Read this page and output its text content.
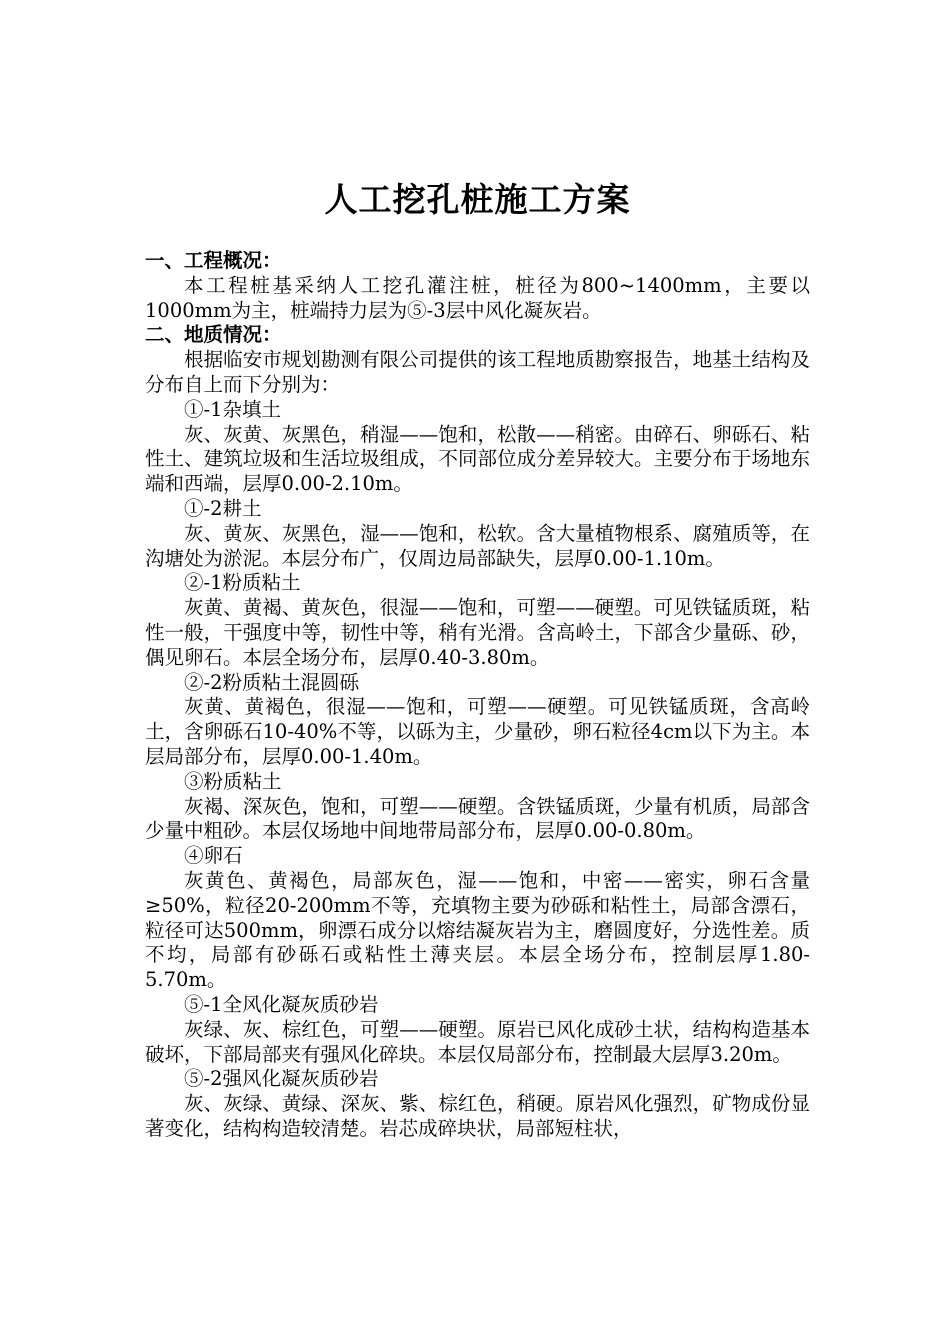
人工挖孔桩施工方案

一、工程概况：

本工程桩基采纳人工挖孔灌注桩，桩径为800~1400mm，主要以1000mm为主，桩端持力层为⑤-3层中风化凝灰岩。

二、地质情况：

根据临安市规划勘测有限公司提供的该工程地质勘察报告，地基土结构及分布自上而下分别为：

①-1杂填土

灰、灰黄、灰黑色，稍湿——饱和，松散——稍密。由碎石、卵砾石、粘性土、建筑垃圾和生活垃圾组成，不同部位成分差异较大。主要分布于场地东端和西端，层厚0.00-2.10m。

①-2耕土

灰、黄灰、灰黑色，湿——饱和，松软。含大量植物根系、腐殖质等，在沟塘处为淤泥。本层分布广，仅周边局部缺失，层厚0.00-1.10m。

②-1粉质粘土

灰黄、黄褐、黄灰色，很湿——饱和，可塑——硬塑。可见铁锰质斑，粘性一般，干强度中等，韧性中等，稍有光滑。含高岭土，下部含少量砾、砂，偶见卵石。本层全场分布，层厚0.40-3.80m。

②-2粉质粘土混圆砾

灰黄、黄褐色，很湿——饱和，可塑——硬塑。可见铁锰质斑，含高岭土，含卵砾石10-40%不等，以砾为主，少量砂，卵石粒径4cm以下为主。本层局部分布，层厚0.00-1.40m。

③粉质粘土

灰褐、深灰色，饱和，可塑——硬塑。含铁锰质斑，少量有机质，局部含少量中粗砂。本层仅场地中间地带局部分布，层厚0.00-0.80m。

④卵石

灰黄色、黄褐色，局部灰色，湿——饱和，中密——密实，卵石含量≥50%，粒径20-200mm不等，充填物主要为砂砾和粘性土，局部含漂石，粒径可达500mm，卵漂石成分以熔结凝灰岩为主，磨圆度好，分选性差。质不均，局部有砂砾石或粘性土薄夹层。本层全场分布，控制层厚1.80-5.70m。

⑤-1全风化凝灰质砂岩

灰绿、灰、棕红色，可塑——硬塑。原岩已风化成砂土状，结构构造基本破坏，下部局部夹有强风化碎块。本层仅局部分布，控制最大层厚3.20m。

⑤-2强风化凝灰质砂岩

灰、灰绿、黄绿、深灰、紫、棕红色，稍硬。原岩风化强烈，矿物成份显著变化，结构构造较清楚。岩芯成碎块状，局部短柱状，
